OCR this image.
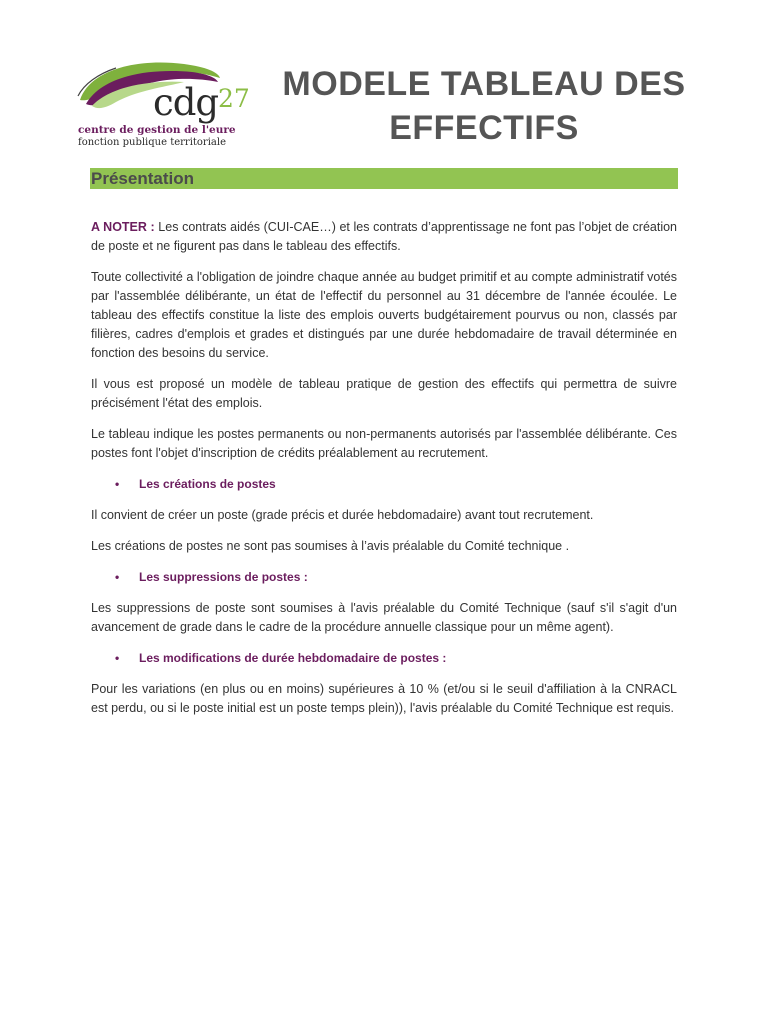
cdg 27
centre de gestion de l'eure
fonction publique territoriale
MODELE TABLEAU DES EFFECTIFS
Présentation

A NOTER : Les contrats aidés (CUI-CAE…) et les contrats d’apprentissage ne font pas l’objet de création de poste et ne figurent pas dans le tableau des effectifs.

Toute collectivité a l'obligation de joindre chaque année au budget primitif et au compte administratif votés par l'assemblée délibérante, un état de l'effectif du personnel au 31 décembre de l'année écoulée. Le tableau des effectifs constitue la liste des emplois ouverts budgétairement pourvus ou non, classés par filières, cadres d'emplois et grades et distingués par une durée hebdomadaire de travail déterminée en fonction des besoins du service.

Il vous est proposé un modèle de tableau pratique de gestion des effectifs qui permettra de suivre précisément l'état des emplois.

Le tableau indique les postes permanents ou non-permanents autorisés par l'assemblée délibérante. Ces postes font l'objet d'inscription de crédits préalablement au recrutement.

• Les créations de postes

Il convient de créer un poste (grade précis et durée hebdomadaire) avant tout recrutement.

Les créations de postes ne sont pas soumises à l’avis préalable du Comité technique .

• Les suppressions de postes :

Les suppressions de poste sont soumises à l'avis préalable du Comité Technique (sauf s'il s'agit d'un avancement de grade dans le cadre de la procédure annuelle classique pour un même agent).

• Les modifications de durée hebdomadaire de postes :

Pour les variations (en plus ou en moins) supérieures à 10 % (et/ou si le seuil d'affiliation à la CNRACL est perdu, ou si le poste initial est un poste temps plein)), l'avis préalable du Comité Technique est requis.
